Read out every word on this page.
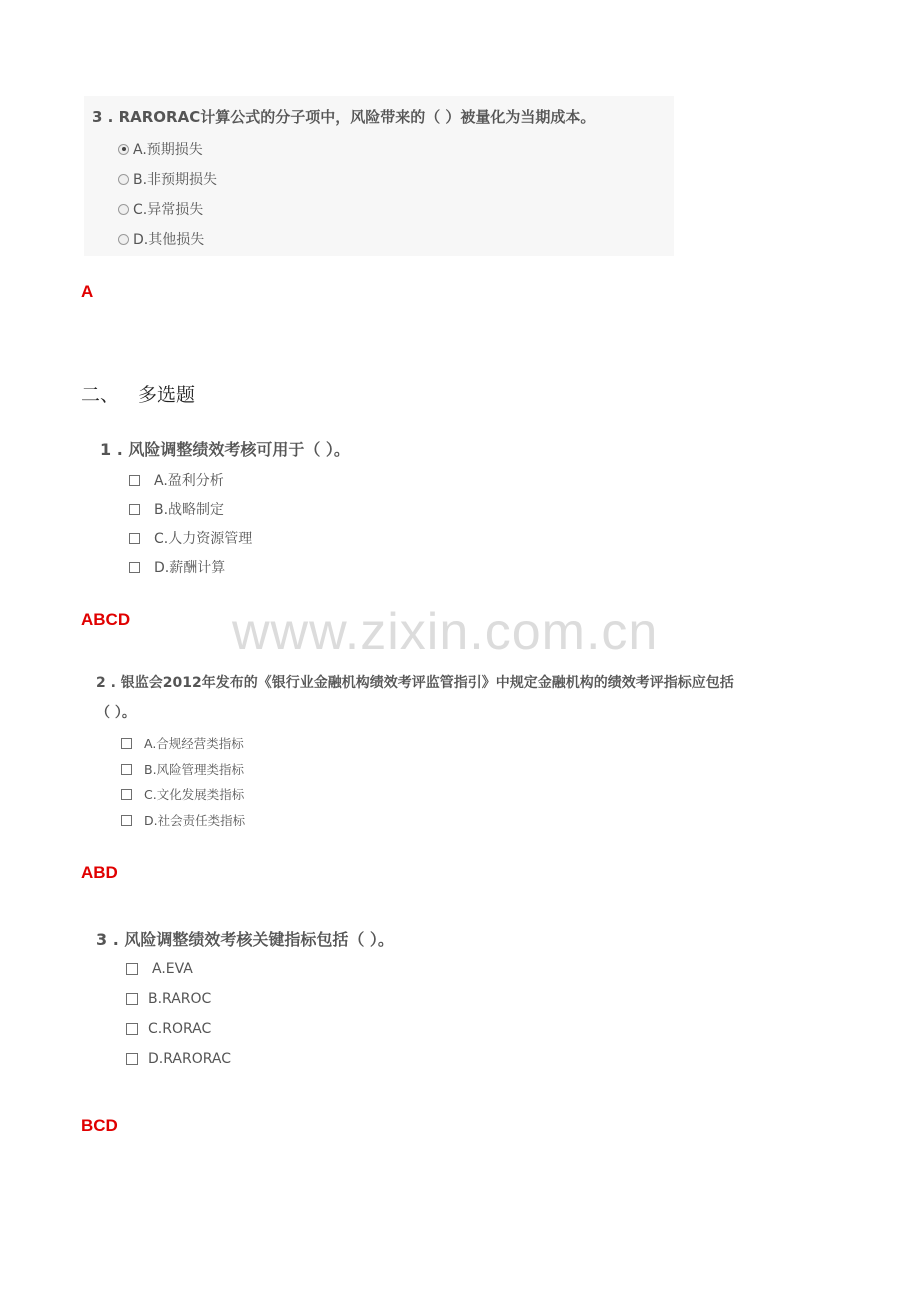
3 . RARORAC计算公式的分子项中，风险带来的（ ）被量化为当期成本。
A.预期损失
B.非预期损失
C.异常损失
D.其他损失
A
二、 多选题
1 . 风险调整绩效考核可用于（ ）。
A.盈利分析
B.战略制定
C.人力资源管理
D.薪酬计算
ABCD www.zixin.com.cn
2 . 银监会2012年发布的《银行业金融机构绩效考评监管指引》中规定金融机构的绩效考评指标应包括
（ ）。
A.合规经营类指标
B.风险管理类指标
C.文化发展类指标
D.社会责任类指标
ABD
3 . 风险调整绩效考核关键指标包括（ ）。
A.EVA
B.RAROC
C.RORAC
D.RARORAC
BCD
